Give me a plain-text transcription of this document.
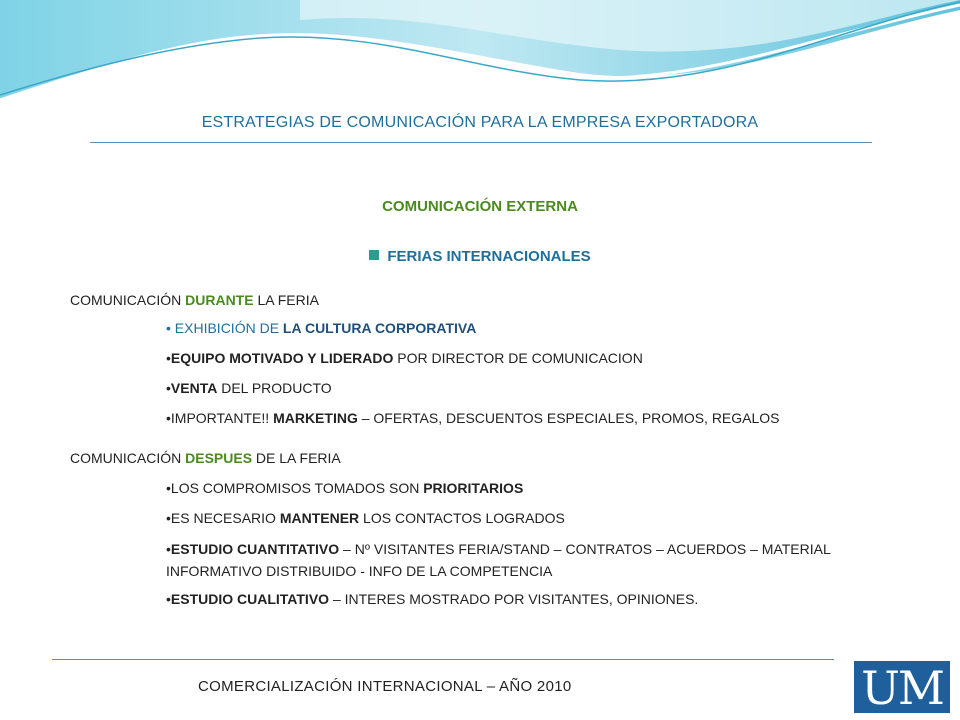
ESTRATEGIAS DE COMUNICACIÓN PARA LA EMPRESA EXPORTADORA
COMUNICACIÓN EXTERNA
FERIAS INTERNACIONALES
COMUNICACIÓN DURANTE LA FERIA
• EXHIBICIÓN DE LA CULTURA CORPORATIVA
•EQUIPO MOTIVADO Y LIDERADO POR DIRECTOR DE COMUNICACION
•VENTA DEL PRODUCTO
•IMPORTANTE!! MARKETING – OFERTAS, DESCUENTOS ESPECIALES, PROMOS, REGALOS
COMUNICACIÓN DESPUES DE LA FERIA
•LOS COMPROMISOS TOMADOS SON PRIORITARIOS
•ES NECESARIO MANTENER LOS CONTACTOS LOGRADOS
•ESTUDIO CUANTITATIVO – Nº VISITANTES FERIA/STAND – CONTRATOS – ACUERDOS – MATERIAL INFORMATIVO DISTRIBUIDO - INFO DE LA COMPETENCIA
•ESTUDIO CUALITATIVO – INTERES MOSTRADO POR VISITANTES, OPINIONES.
COMERCIALIZACIÓN INTERNACIONAL – AÑO 2010	UM
